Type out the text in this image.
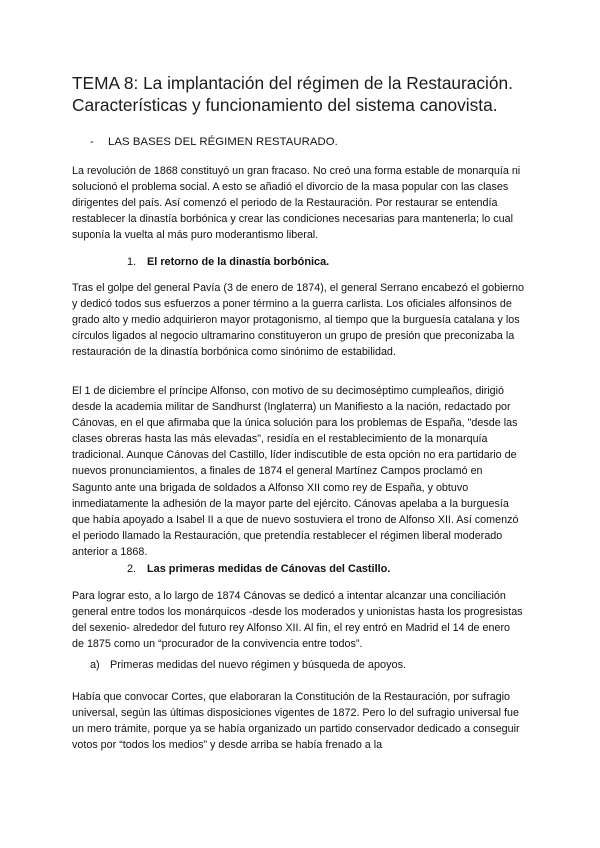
TEMA 8: La implantación del régimen de la Restauración. Características y funcionamiento del sistema canovista.
- LAS BASES DEL RÉGIMEN RESTAURADO.

La revolución de 1868 constituyó un gran fracaso. No creó una forma estable de monarquía ni solucionó el problema social. A esto se añadió el divorcio de la masa popular con las clases dirigentes del país. Así comenzó el periodo de la Restauración. Por restaurar se entendía restablecer la dinastía borbónica y crear las condiciones necesarias para mantenerla; lo cual suponía la vuelta al más puro moderantismo liberal.

1. El retorno de la dinastía borbónica.

Tras el golpe del general Pavía (3 de enero de 1874), el general Serrano encabezó el gobierno y dedicó todos sus esfuerzos a poner término a la guerra carlista. Los oficiales alfonsinos de grado alto y medio adquirieron mayor protagonismo, al tiempo que la burguesía catalana y los círculos ligados al negocio ultramarino constituyeron un grupo de presión que preconizaba la restauración de la dinastía borbónica como sinónimo de estabilidad.

El 1 de diciembre el príncipe Alfonso, con motivo de su decimoséptimo cumpleaños, dirigió desde la academia militar de Sandhurst (Inglaterra) un Manifiesto a la nación, redactado por Cánovas, en el que afirmaba que la única solución para los problemas de España, "desde las clases obreras hasta las más elevadas", residía en el restablecimiento de la monarquía tradicional. Aunque Cánovas del Castillo, líder indiscutible de esta opción no era partidario de nuevos pronunciamientos, a finales de 1874 el general Martínez Campos proclamó en Sagunto ante una brigada de soldados a Alfonso XII como rey de España, y obtuvo inmediatamente la adhesión de la mayor parte del ejército. Cánovas apelaba a la burguesía que había apoyado a Isabel II a que de nuevo sostuviera el trono de Alfonso XII. Así comenzó el periodo llamado la Restauración, que pretendía restablecer el régimen liberal moderado anterior a 1868.

2. Las primeras medidas de Cánovas del Castillo.

Para lograr esto, a lo largo de 1874 Cánovas se dedicó a intentar alcanzar una conciliación general entre todos los monárquicos -desde los moderados y unionistas hasta los progresistas del sexenio- alrededor del futuro rey Alfonso XII. Al fin, el rey entró en Madrid el 14 de enero de 1875 como un “procurador de la convivencia entre todos”.

a) Primeras medidas del nuevo régimen y búsqueda de apoyos.

Había que convocar Cortes, que elaboraran la Constitución de la Restauración, por sufragio universal, según las últimas disposiciones vigentes de 1872. Pero lo del sufragio universal fue un mero trámite, porque ya se había organizado un partido conservador dedicado a conseguir votos por “todos los medios” y desde arriba se había frenado a la
